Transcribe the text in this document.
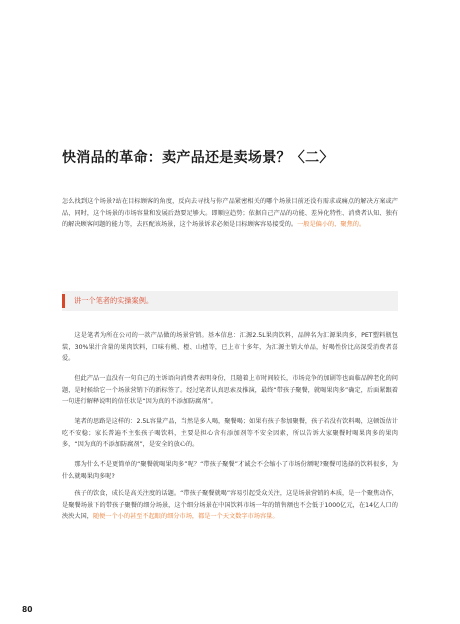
快消品的革命：卖产品还是卖场景？〈二〉

怎么找到这个场景?站在目标顾客的角度，反向去寻找与你产品紧密相关的哪个场景目前还没有需求或痛点的解决方案或产品，同时，这个场景的市场容量和发展后劲要足够大。即顺应趋势；依据自己产品的功能、差异化特性、消费者认知、独有的解决顾客问题的能力等，去匹配该场景，这个场景诉求必须是目标顾客容易接受的。一般是偏小的、聚焦的。

讲一个笔者的实操案例。

这是笔者为所在公司的一款产品做的场景营销。基本信息：汇源2.5L果肉饮料，品牌名为汇源果肉多，PET塑料瓶包装，30%果汁含量的果肉饮料，口味有桃、橙、山楂等，已上市十多年，为汇源主销大单品，好喝性价比高深受消费者喜爱。

但此产品一直没有一句自己的主诉语向消费者表明身份，且随着上市时间较长，市场竞争的加剧等也面临品牌老化的问题，是时候给它一个场景营销下的新标签了。经过笔者认真思索及推演，最终“带孩子聚餐，就喝果肉多”确定，后面紧跟着一句进行解释说明的信任状是“因为真的不添加防腐剂”。

笔者的思路是这样的：2.5L容量产品，当然是多人喝，聚餐喝；如果有孩子参加聚餐，孩子若没有饮料喝，这顿饭估计吃不安稳；家长普遍不主张孩子喝饮料，主要是担心含有添加剂等不安全因素，所以告诉大家聚餐时喝果肉多的果肉多，“因为真的不添加防腐剂”，是安全的放心的。

那为什么不是更简单的“聚餐就喝果肉多”呢？“带孩子聚餐”才诚会不会缩小了市场份额呢?聚餐可选择的饮料很多，为什么就喝果肉多呢?

孩子的饮食，成长是高关注度的话题。“带孩子聚餐就喝”容易引起受众关注，这是场景营销的本质，是一个聚焦动作，是聚餐场景下的带孩子聚餐的细分场景，这个细分场景在中国饮料市场一年的销售额也不会低于1000亿元，在14亿人口的泱泱大国，随便一个小的甚至不起眼的细分市场，都是一个天文数字市场容量。

80
